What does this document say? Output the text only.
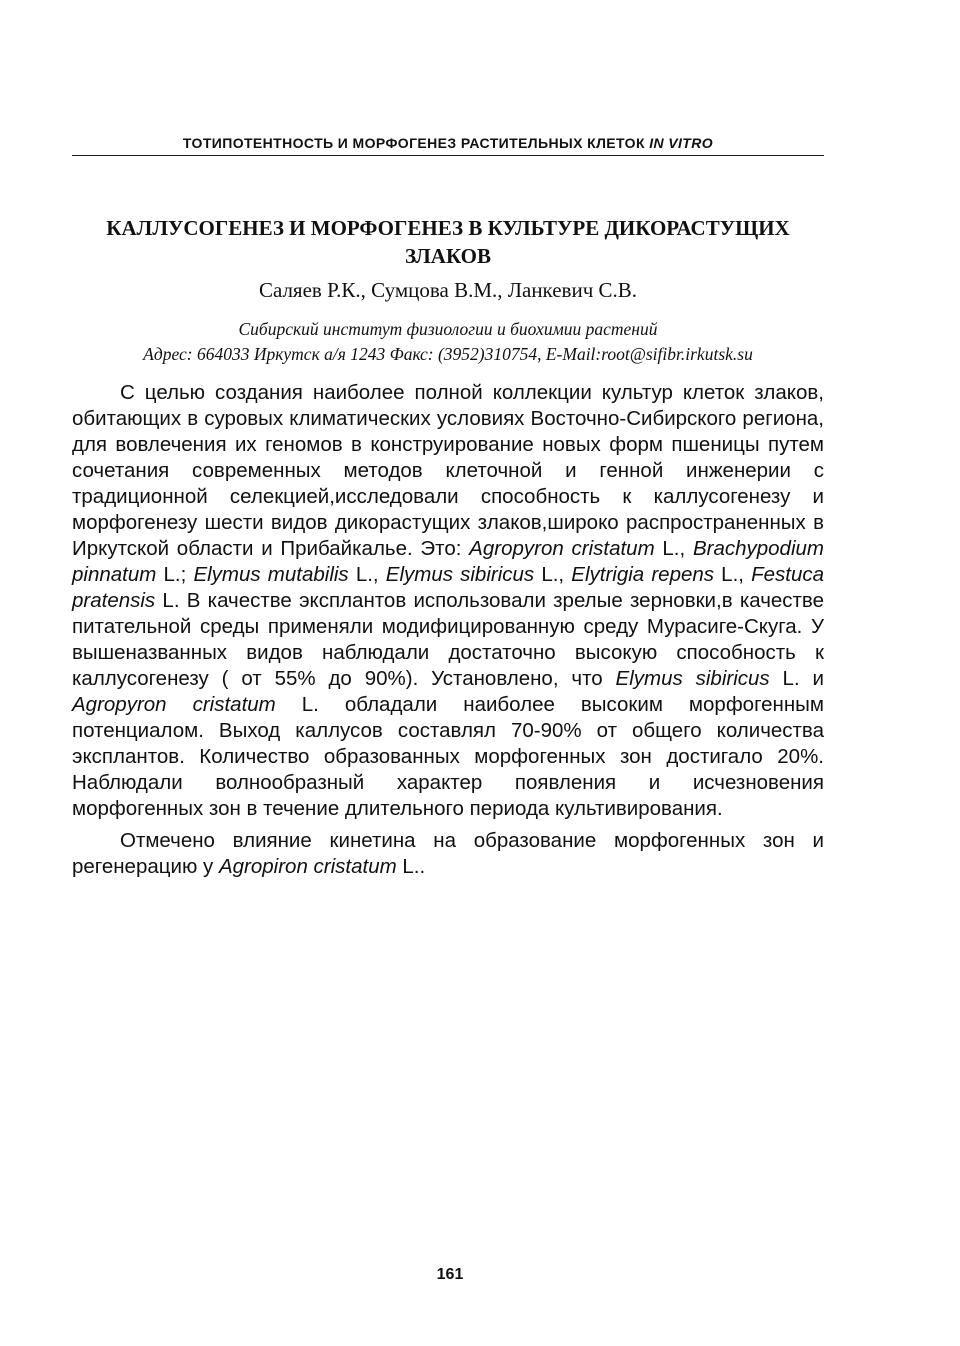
ТОТИПОТЕНТНОСТЬ И МОРФОГЕНЕЗ РАСТИТЕЛЬНЫХ КЛЕТОК IN VITRO
КАЛЛУСОГЕНЕЗ И МОРФОГЕНЕЗ В КУЛЬТУРЕ ДИКОРАСТУЩИХ
ЗЛАКОВ
Саляев Р.К., Сумцова В.М., Ланкевич С.В.
Сибирский институт физиологии и биохимии растений
Адрес: 664033 Иркутск а/я 1243 Факс: (3952)310754, E-Mail:root@sifibr.irkutsk.su

С целью создания наиболее полной коллекции культур клеток злаков, обитающих в суровых климатических условиях Восточно-Сибирского региона, для вовлечения их геномов в конструирование новых форм пшеницы путем сочетания современных методов клеточной и генной инженерии с традиционной селекцией,исследовали способность к каллусогенезу и морфогенезу шести видов дикорастущих злаков,широко распространенных в Иркутской области и Прибайкалье. Это: Agropyron cristatum L., Brachypodium pinnatum L.; Elymus mutabilis L., Elymus sibiricus L., Elytrigia repens L., Festuca pratensis L. В качестве эксплантов использовали зрелые зерновки,в качестве питательной среды применяли модифицированную среду Мурасиге-Скуга. У вышеназванных видов наблюдали достаточно высокую способность к каллусогенезу ( от 55% до 90%). Установлено, что Elymus sibiricus L. и Agropyron cristatum L. обладали наиболее высоким морфогенным потенциалом. Выход каллусов составлял 70-90% от общего количества эксплантов. Количество образованных морфогенных зон достигало 20%. Наблюдали волнообразный характер появления и исчезновения морфогенных зон в течение длительного периода культивирования.

Отмечено влияние кинетина на образование морфогенных зон и регенерацию у Agropiron cristatum L..

161
